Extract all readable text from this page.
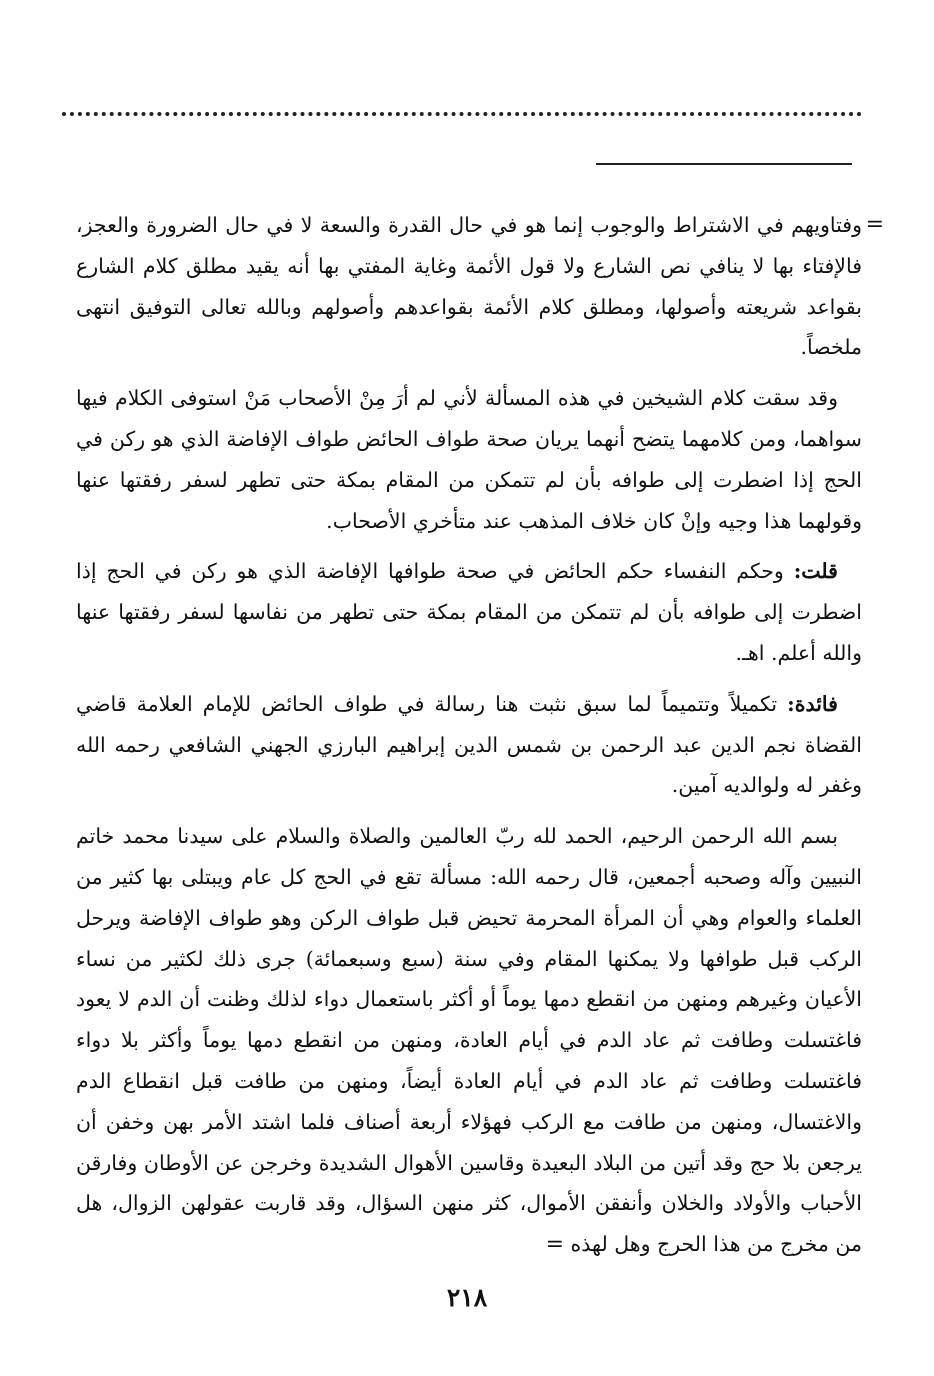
=

وفتاويهم في الاشتراط والوجوب إنما هو في حال القدرة والسعة لا في حال الضرورة والعجز، فالإفتاء بها لا ينافي نص الشارع ولا قول الأئمة وغاية المفتي بها أنه يقيد مطلق كلام الشارع بقواعد شريعته وأصولها، ومطلق كلام الأئمة بقواعدهم وأصولهم وبالله تعالى التوفيق انتهى ملخصاً.

وقد سقت كلام الشيخين في هذه المسألة لأني لم أرَ مِنْ الأصحاب مَنْ استوفى الكلام فيها سواهما، ومن كلامهما يتضح أنهما يريان صحة طواف الحائض طواف الإفاضة الذي هو ركن في الحج إذا اضطرت إلى طوافه بأن لم تتمكن من المقام بمكة حتى تطهر لسفر رفقتها عنها وقولهما هذا وجيه وإنْ كان خلاف المذهب عند متأخري الأصحاب.

قلت: وحكم النفساء حكم الحائض في صحة طوافها الإفاضة الذي هو ركن في الحج إذا اضطرت إلى طوافه بأن لم تتمكن من المقام بمكة حتى تطهر من نفاسها لسفر رفقتها عنها والله أعلم. اهـ.

فائدة: تكميلاً وتتميماً لما سبق نثبت هنا رسالة في طواف الحائض للإمام العلامة قاضي القضاة نجم الدين عبد الرحمن بن شمس الدين إبراهيم البارزي الجهني الشافعي رحمه الله وغفر له ولوالديه آمين.

بسم الله الرحمن الرحيم، الحمد لله ربّ العالمين والصلاة والسلام على سيدنا محمد خاتم النبيين وآله وصحبه أجمعين، قال رحمه الله: مسألة تقع في الحج كل عام ويبتلى بها كثير من العلماء والعوام وهي أن المرأة المحرمة تحيض قبل طواف الركن وهو طواف الإفاضة ويرحل الركب قبل طوافها ولا يمكنها المقام وفي سنة (سبع وسبعمائة) جرى ذلك لكثير من نساء الأعيان وغيرهم ومنهن من انقطع دمها يوماً أو أكثر باستعمال دواء لذلك وظنت أن الدم لا يعود فاغتسلت وطافت ثم عاد الدم في أيام العادة، ومنهن من انقطع دمها يوماً وأكثر بلا دواء فاغتسلت وطافت ثم عاد الدم في أيام العادة أيضاً، ومنهن من طافت قبل انقطاع الدم والاغتسال، ومنهن من طافت مع الركب فهؤلاء أربعة أصناف فلما اشتد الأمر بهن وخفن أن يرجعن بلا حج وقد أتين من البلاد البعيدة وقاسين الأهوال الشديدة وخرجن عن الأوطان وفارقن الأحباب والأولاد والخلان وأنفقن الأموال، كثر منهن السؤال، وقد قاربت عقولهن الزوال، هل من مخرج من هذا الحرج وهل لهذه =

٢١٨
